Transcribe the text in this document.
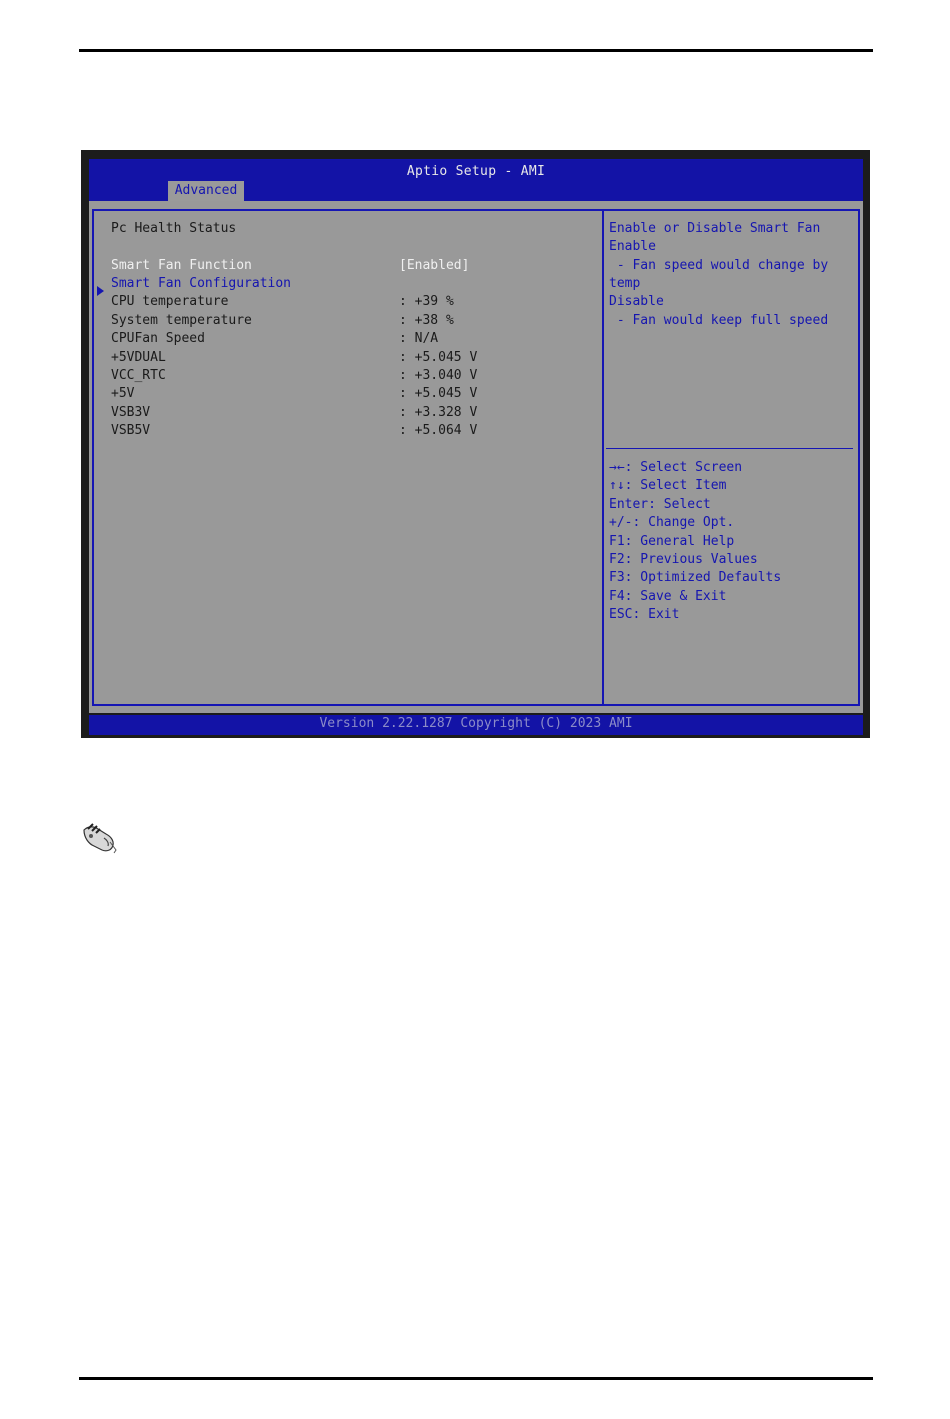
Aptio Setup - AMI
Advanced
Pc Health Status
Smart Fan Function	[Enabled]
Smart Fan Configuration
CPU temperature	: +39 %
System temperature	: +38 %
CPUFan Speed	: N/A
+5VDUAL	: +5.045 V
VCC_RTC	: +3.040 V
+5V	: +5.045 V
VSB3V	: +3.328 V
VSB5V	: +5.064 V
Enable or Disable Smart Fan
Enable
- Fan speed would change by
temp
Disable
- Fan would keep full speed
→←: Select Screen
↑↓: Select Item
Enter: Select
+/-: Change Opt.
F1: General Help
F2: Previous Values
F3: Optimized Defaults
F4: Save & Exit
ESC: Exit
Version 2.22.1287 Copyright (C) 2023 AMI
